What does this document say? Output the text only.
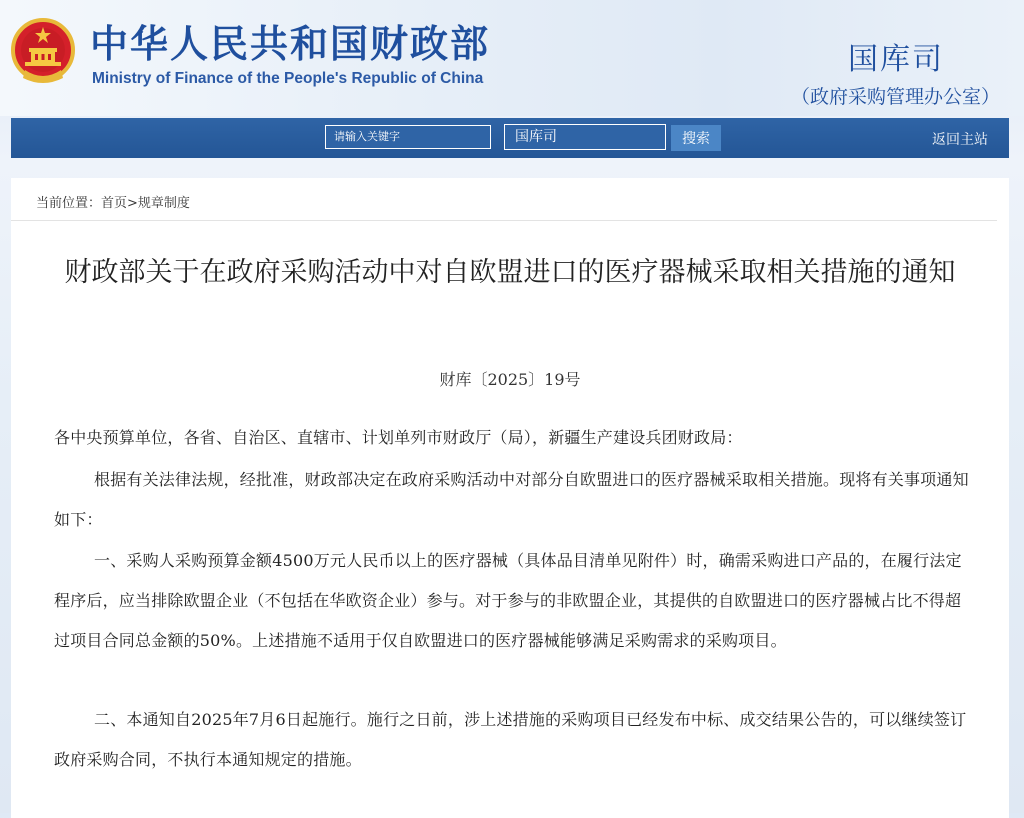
中华人民共和国财政部
Ministry of Finance of the People's Republic of China
国库司
（政府采购管理办公室）
请输入关键字	国库司	搜索	返回主站
当前位置：首页>规章制度
财政部关于在政府采购活动中对自欧盟进口的医疗器械采取相关措施的通知
财库〔2025〕19号
各中央预算单位，各省、自治区、直辖市、计划单列市财政厅（局），新疆生产建设兵团财政局：
根据有关法律法规，经批准，财政部决定在政府采购活动中对部分自欧盟进口的医疗器械采取相关措施。现将有关事项通知如下：
一、采购人采购预算金额4500万元人民币以上的医疗器械（具体品目清单见附件）时，确需采购进口产品的，在履行法定程序后，应当排除欧盟企业（不包括在华欧资企业）参与。对于参与的非欧盟企业，其提供的自欧盟进口的医疗器械占比不得超过项目合同总金额的50%。上述措施不适用于仅自欧盟进口的医疗器械能够满足采购需求的采购项目。
二、本通知自2025年7月6日起施行。施行之日前，涉上述措施的采购项目已经发布中标、成交结果公告的，可以继续签订政府采购合同，不执行本通知规定的措施。
